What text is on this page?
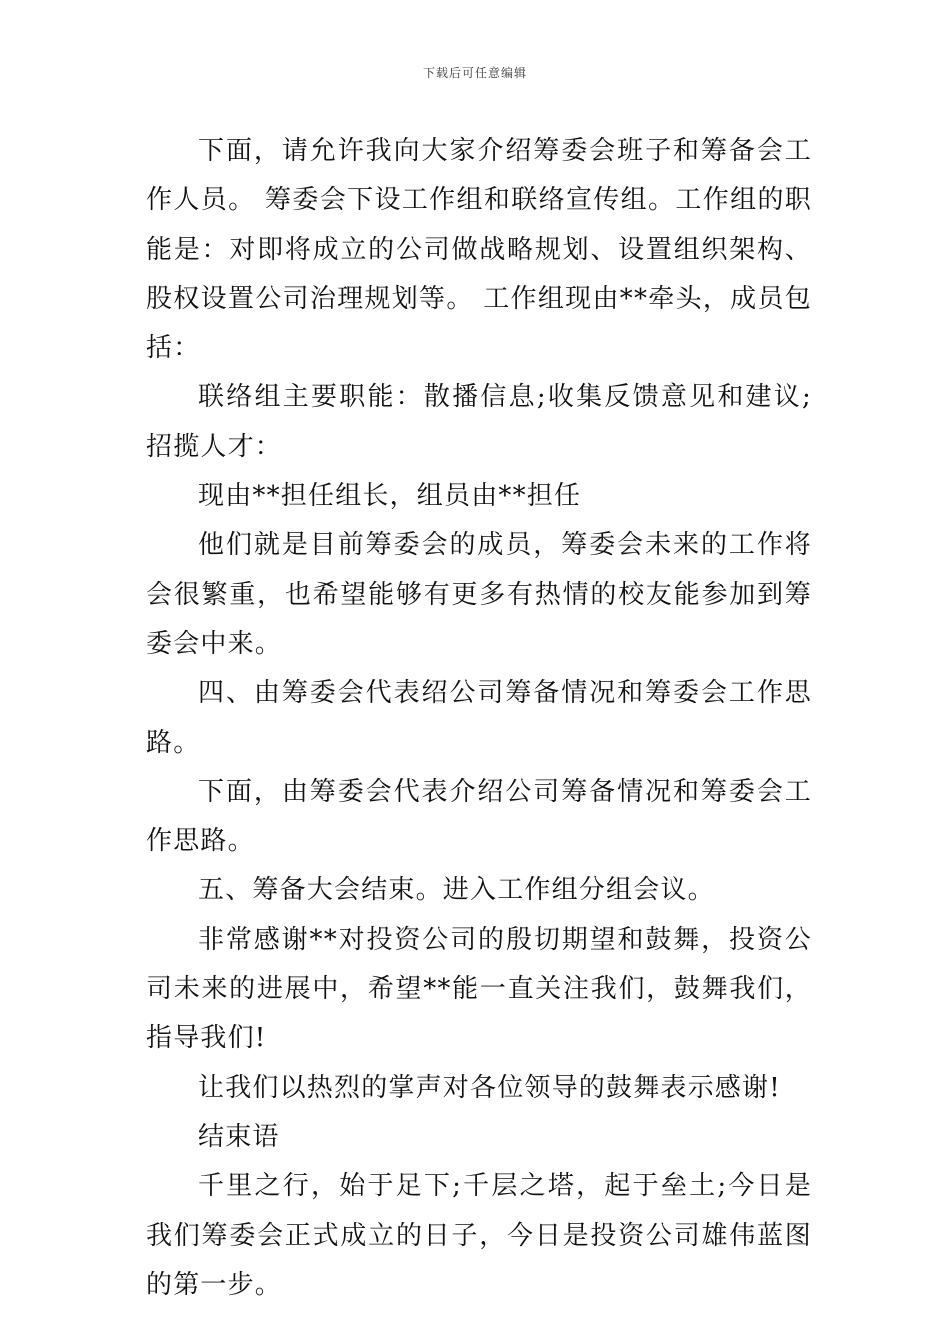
下载后可任意编辑

下面，请允许我向大家介绍筹委会班子和筹备会工作人员。 筹委会下设工作组和联络宣传组。工作组的职能是：对即将成立的公司做战略规划、设置组织架构、股权设置公司治理规划等。 工作组现由**牵头，成员包括：

联络组主要职能：散播信息;收集反馈意见和建议;招揽人才：

现由**担任组长，组员由**担任

他们就是目前筹委会的成员，筹委会未来的工作将会很繁重，也希望能够有更多有热情的校友能参加到筹委会中来。

四、由筹委会代表绍公司筹备情况和筹委会工作思路。

下面，由筹委会代表介绍公司筹备情况和筹委会工作思路。

五、筹备大会结束。进入工作组分组会议。

非常感谢**对投资公司的殷切期望和鼓舞，投资公司未来的进展中，希望**能一直关注我们，鼓舞我们，指导我们!

让我们以热烈的掌声对各位领导的鼓舞表示感谢!

结束语

千里之行，始于足下;千层之塔，起于垒土;今日是我们筹委会正式成立的日子，今日是投资公司雄伟蓝图的第一步。
